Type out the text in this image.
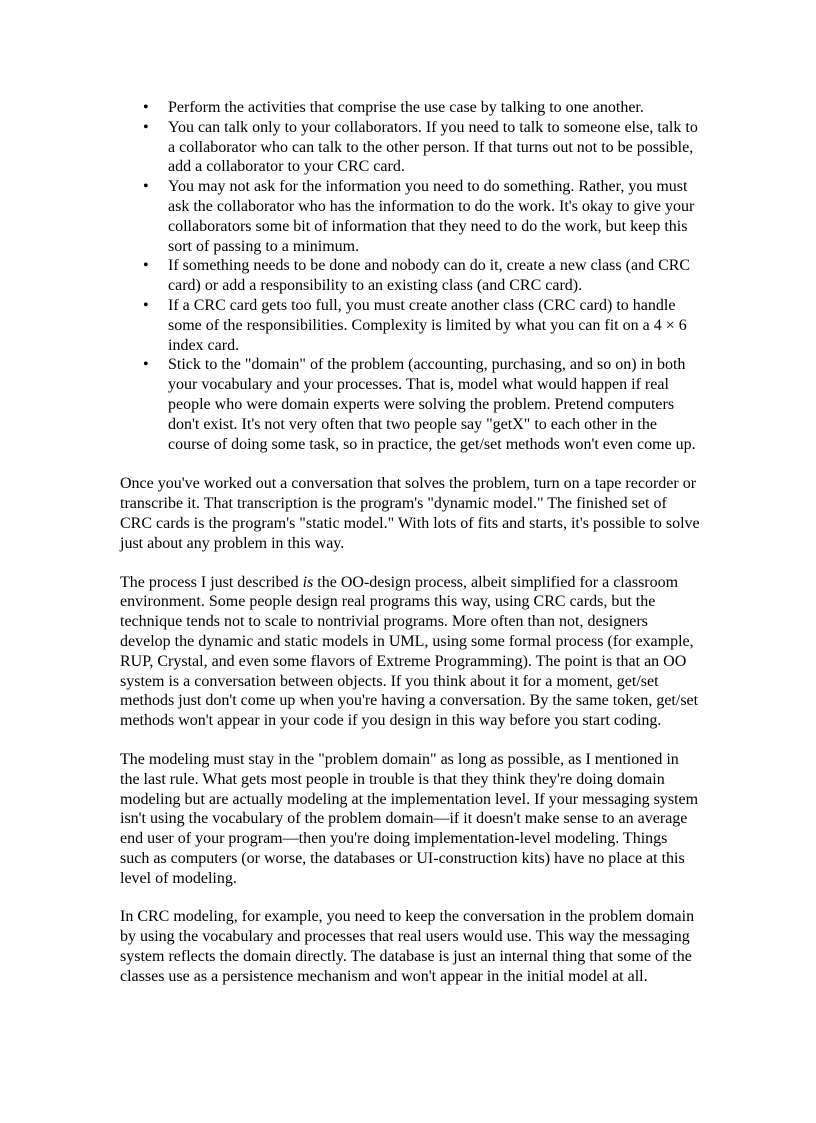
• Perform the activities that comprise the use case by talking to one another.
• You can talk only to your collaborators. If you need to talk to someone else, talk to a collaborator who can talk to the other person. If that turns out not to be possible, add a collaborator to your CRC card.
• You may not ask for the information you need to do something. Rather, you must ask the collaborator who has the information to do the work. It's okay to give your collaborators some bit of information that they need to do the work, but keep this sort of passing to a minimum.
• If something needs to be done and nobody can do it, create a new class (and CRC card) or add a responsibility to an existing class (and CRC card).
• If a CRC card gets too full, you must create another class (CRC card) to handle some of the responsibilities. Complexity is limited by what you can fit on a 4 × 6 index card.
• Stick to the "domain" of the problem (accounting, purchasing, and so on) in both your vocabulary and your processes. That is, model what would happen if real people who were domain experts were solving the problem. Pretend computers don't exist. It's not very often that two people say "getX" to each other in the course of doing some task, so in practice, the get/set methods won't even come up.

Once you've worked out a conversation that solves the problem, turn on a tape recorder or transcribe it. That transcription is the program's "dynamic model." The finished set of CRC cards is the program's "static model." With lots of fits and starts, it's possible to solve just about any problem in this way.

The process I just described is the OO-design process, albeit simplified for a classroom environment. Some people design real programs this way, using CRC cards, but the technique tends not to scale to nontrivial programs. More often than not, designers develop the dynamic and static models in UML, using some formal process (for example, RUP, Crystal, and even some flavors of Extreme Programming). The point is that an OO system is a conversation between objects. If you think about it for a moment, get/set methods just don't come up when you're having a conversation. By the same token, get/set methods won't appear in your code if you design in this way before you start coding.

The modeling must stay in the "problem domain" as long as possible, as I mentioned in the last rule. What gets most people in trouble is that they think they're doing domain modeling but are actually modeling at the implementation level. If your messaging system isn't using the vocabulary of the problem domain—if it doesn't make sense to an average end user of your program—then you're doing implementation-level modeling. Things such as computers (or worse, the databases or UI-construction kits) have no place at this level of modeling.

In CRC modeling, for example, you need to keep the conversation in the problem domain by using the vocabulary and processes that real users would use. This way the messaging system reflects the domain directly. The database is just an internal thing that some of the classes use as a persistence mechanism and won't appear in the initial model at all.
